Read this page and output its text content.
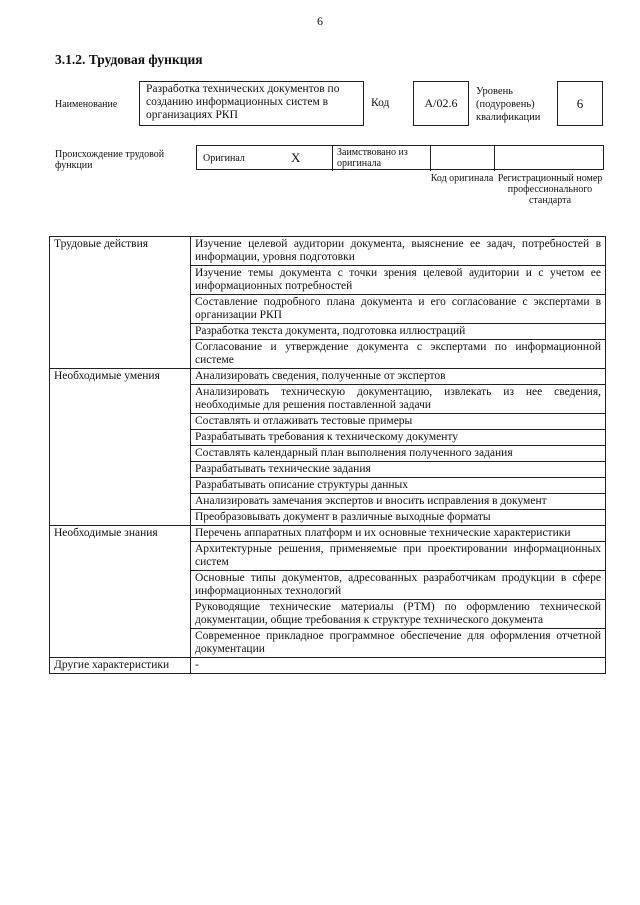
6
3.1.2. Трудовая функция
Наименование
Разработка технических документов по созданию информационных систем в организациях РКП
Код	A/02.6
Уровень (подуровень) квалификации
6
Происхождение трудовой функции
Оригинал	X	Заимствовано из оригинала
Код оригинала Регистрационный номер профессионального стандарта
Трудовые действия	Изучение целевой аудитории документа, выяснение ее задач, потребностей в информации, уровня подготовки
	Изучение темы документа с точки зрения целевой аудитории и с учетом ее информационных потребностей
	Составление подробного плана документа и его согласование с экспертами в организации РКП
	Разработка текста документа, подготовка иллюстраций
	Согласование и утверждение документа с экспертами по информационной системе
Необходимые умения	Анализировать сведения, полученные от экспертов
	Анализировать техническую документацию, извлекать из нее сведения, необходимые для решения поставленной задачи
	Составлять и отлаживать тестовые примеры
	Разрабатывать требования к техническому документу
	Составлять календарный план выполнения полученного задания
	Разрабатывать технические задания
	Разрабатывать описание структуры данных
	Анализировать замечания экспертов и вносить исправления в документ
	Преобразовывать документ в различные выходные форматы
Необходимые знания	Перечень аппаратных платформ и их основные технические характеристики
	Архитектурные решения, применяемые при проектировании информационных систем
	Основные типы документов, адресованных разработчикам продукции в сфере информационных технологий
	Руководящие технические материалы (РТМ) по оформлению технической документации, общие требования к структуре технического документа
	Современное прикладное программное обеспечение для оформления отчетной документации
Другие характеристики	-
